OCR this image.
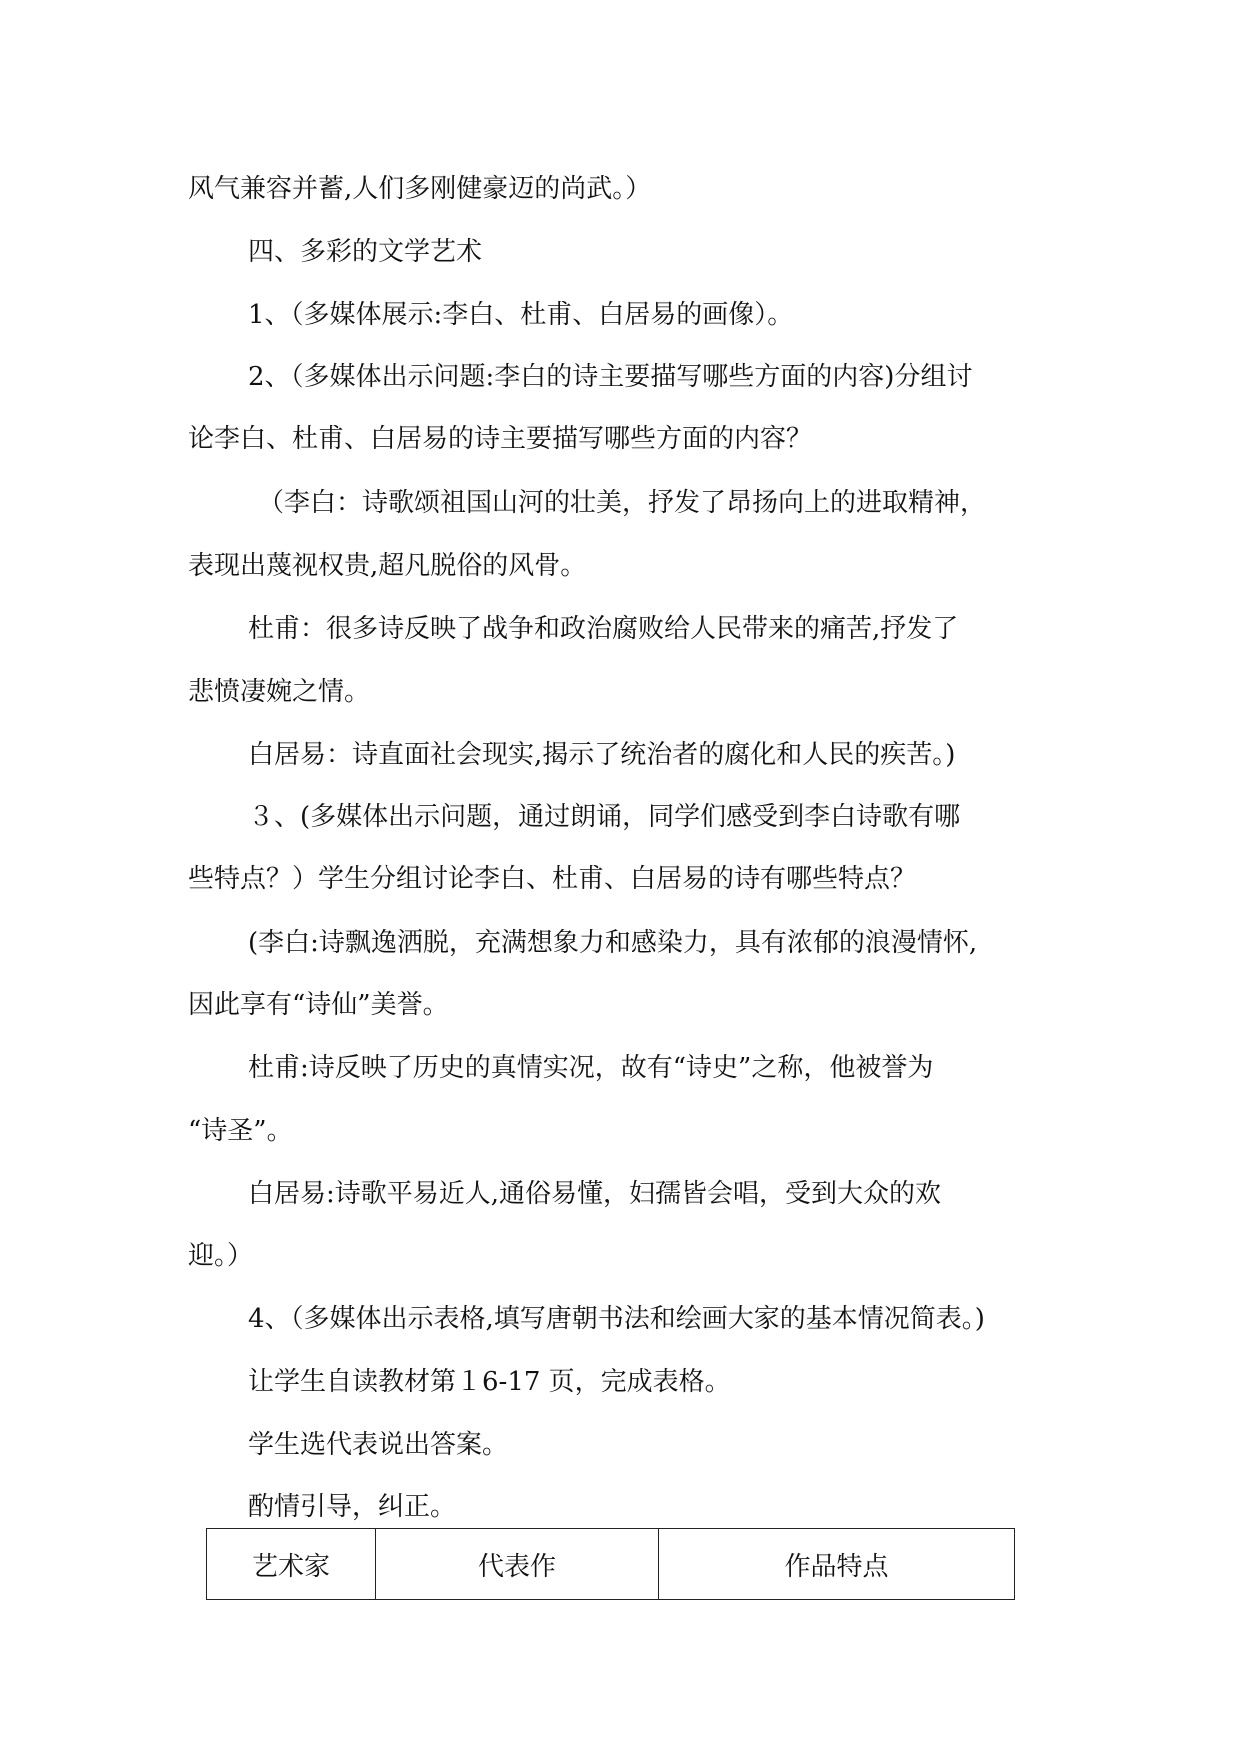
风气兼容并蓄,人们多刚健豪迈的尚武。）

四、多彩的文学艺术

1、（多媒体展示:李白、杜甫、白居易的画像）。

2、（多媒体出示问题:李白的诗主要描写哪些方面的内容)分组讨

论李白、杜甫、白居易的诗主要描写哪些方面的内容？

（李白：诗歌颂祖国山河的壮美，抒发了昂扬向上的进取精神，

表现出蔑视权贵,超凡脱俗的风骨。

杜甫：很多诗反映了战争和政治腐败给人民带来的痛苦,抒发了

悲愤凄婉之情。

白居易：诗直面社会现实,揭示了统治者的腐化和人民的疾苦。)

３、(多媒体出示问题，通过朗诵，同学们感受到李白诗歌有哪

些特点？）学生分组讨论李白、杜甫、白居易的诗有哪些特点？

(李白:诗飘逸洒脱，充满想象力和感染力，具有浓郁的浪漫情怀,

因此享有“诗仙”美誉。

杜甫:诗反映了历史的真情实况，故有“诗史”之称，他被誉为

“诗圣”。

白居易:诗歌平易近人,通俗易懂，妇孺皆会唱，受到大众的欢

迎。）

4、（多媒体出示表格,填写唐朝书法和绘画大家的基本情况简表。)

让学生自读教材第１6-17 页，完成表格。

学生选代表说出答案。

酌情引导，纠正。

艺术家	代表作	作品特点
